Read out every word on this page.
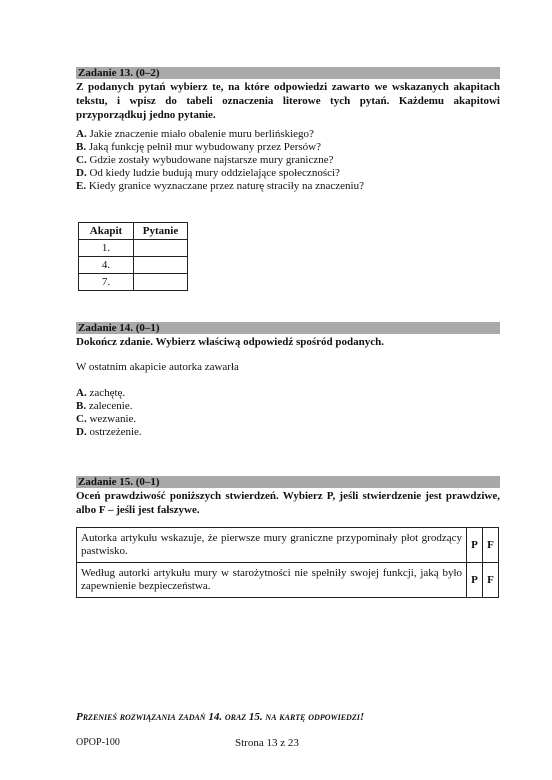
Zadanie 13. (0–2)
Z podanych pytań wybierz te, na które odpowiedzi zawarto we wskazanych akapitach tekstu, i wpisz do tabeli oznaczenia literowe tych pytań. Każdemu akapitowi przyporządkuj jedno pytanie.
A. Jakie znaczenie miało obalenie muru berlińskiego?
B. Jaką funkcję pełnił mur wybudowany przez Persów?
C. Gdzie zostały wybudowane najstarsze mury graniczne?
D. Od kiedy ludzie budują mury oddzielające społeczności?
E. Kiedy granice wyznaczane przez naturę straciły na znaczeniu?
Akapit	Pytanie
1.	
4.	
7.	
Zadanie 14. (0–1)
Dokończ zdanie. Wybierz właściwą odpowiedź spośród podanych.
W ostatnim akapicie autorka zawarła
A. zachętę.
B. zalecenie.
C. wezwanie.
D. ostrzeżenie.
Zadanie 15. (0–1)
Oceń prawdziwość poniższych stwierdzeń. Wybierz P, jeśli stwierdzenie jest prawdziwe, albo F – jeśli jest fałszywe.
Autorka artykułu wskazuje, że pierwsze mury graniczne przypominały płot grodzący pastwisko.	P	F
Według autorki artykułu mury w starożytności nie spełniły swojej funkcji, jaką było zapewnienie bezpieczeństwa.	P	F
Przenieś rozwiązania zadań 14. oraz 15. na kartę odpowiedzi!
OPOP-100	Strona 13 z 23
